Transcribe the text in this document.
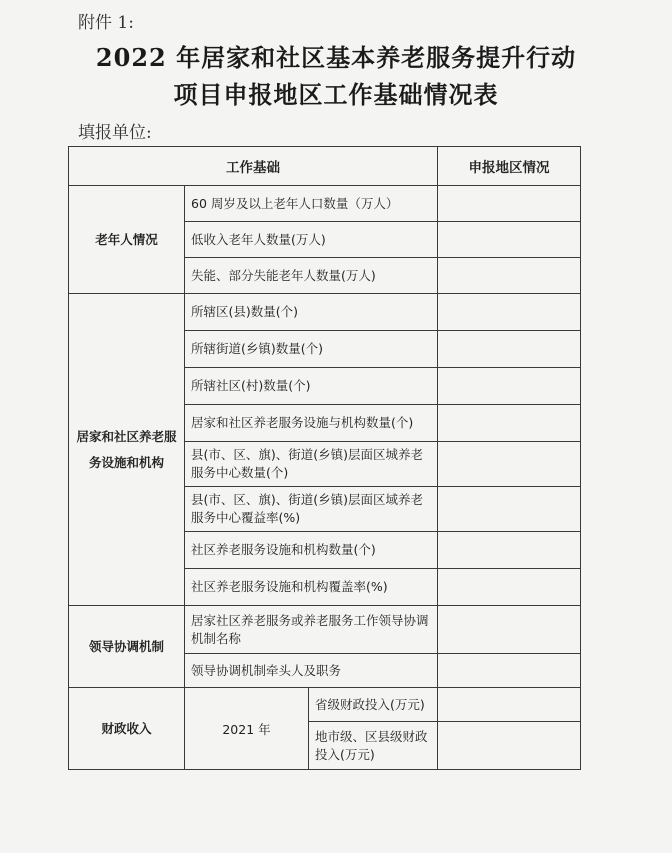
附件 1:
2022 年居家和社区基本养老服务提升行动
项目申报地区工作基础情况表
填报单位:
工作基础			申报地区情况
老年人情况	60 周岁及以上老年人口数量（万人）		
	低收入老年人数量(万人)		
	失能、部分失能老年人数量(万人)		
居家和社区养老服务设施和机构	所辖区(县)数量(个)		
	所辖街道(乡镇)数量(个)		
	所辖社区(村)数量(个)		
	居家和社区养老服务设施与机构数量(个)		
	县(市、区、旗)、街道(乡镇)层面区城养老服务中心数量(个)		
	县(市、区、旗)、街道(乡镇)层面区域养老服务中心覆益率(%)		
	社区养老服务设施和机构数量(个)		
	社区养老服务设施和机构覆盖率(%)		
领导协调机制	居家社区养老服务或养老服务工作领导协调机制名称		
	领导协调机制牵头人及职务		
财政收入	2021 年	省级财政投入(万元)	
		地市级、区县级财政投入(万元)	
